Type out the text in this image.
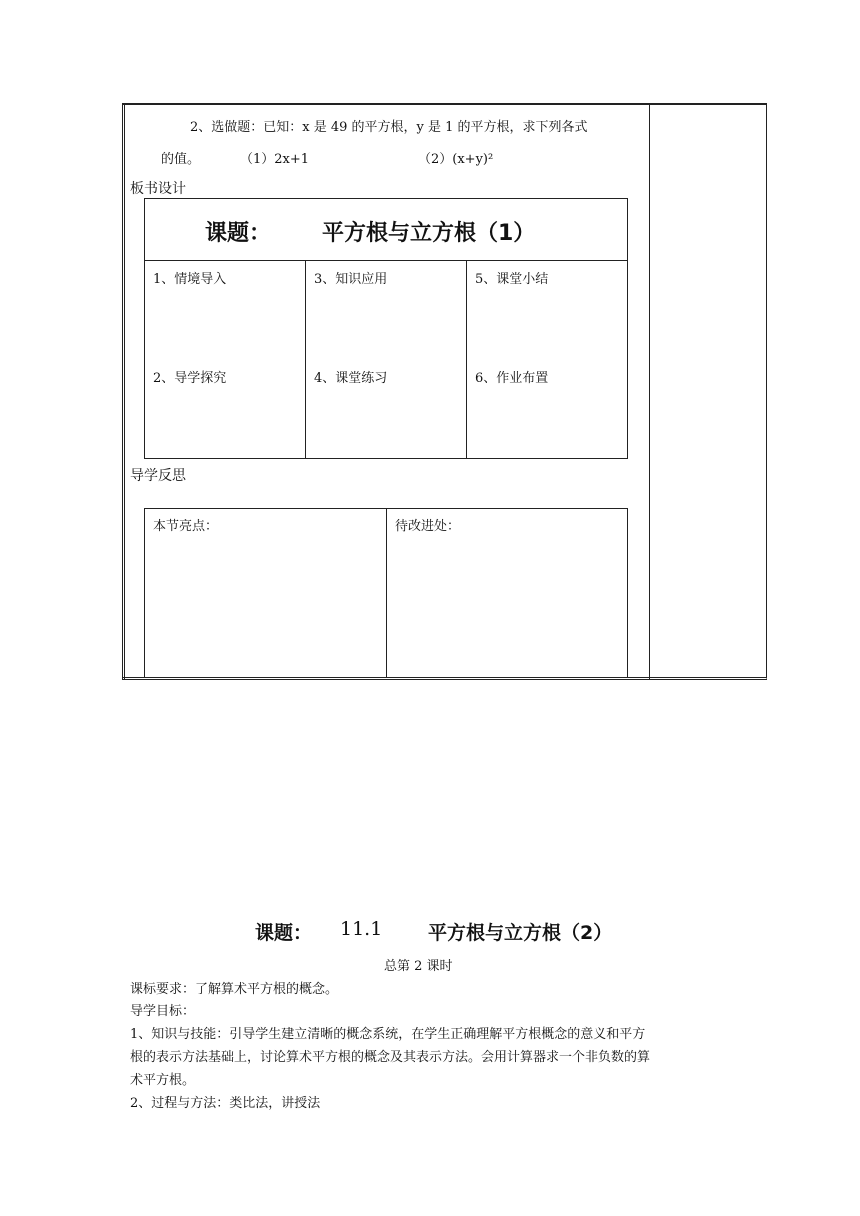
2、选做题：已知：x 是 49 的平方根，y 是 1 的平方根，求下列各式
的值。	（1）2x+1	（2）(x+y)²
板书设计
课题： 平方根与立方根（1）
1、情境导入	3、知识应用	5、课堂小结
2、导学探究	4、课堂练习	6、作业布置
导学反思
本节亮点：	待改进处：
课题： 11.1 平方根与立方根（2）
总第 2 课时
课标要求：了解算术平方根的概念。
导学目标：
1、知识与技能：引导学生建立清晰的概念系统，在学生正确理解平方根概念的意义和平方
根的表示方法基础上，讨论算术平方根的概念及其表示方法。会用计算器求一个非负数的算
术平方根。
2、过程与方法：类比法，讲授法
